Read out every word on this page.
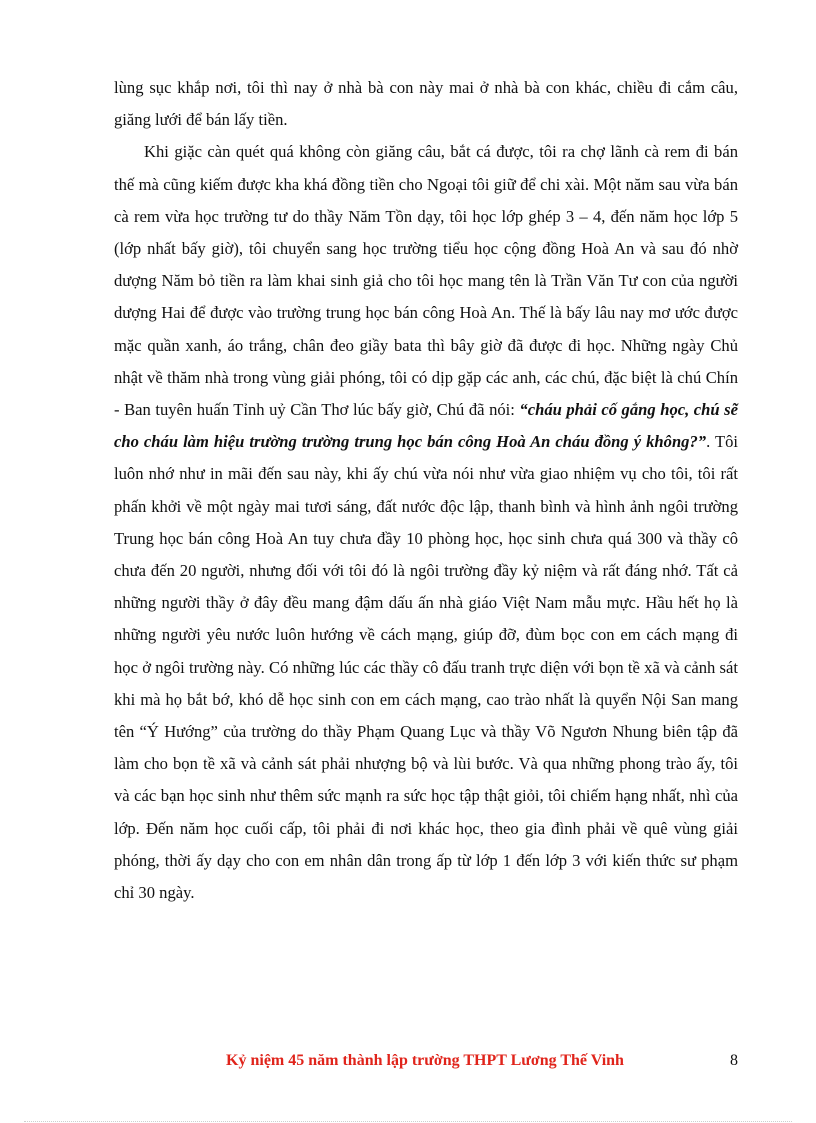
lùng sục khắp nơi, tôi thì nay ở nhà bà con này mai ở nhà bà con khác, chiều đi cắm câu, giăng lưới để bán lấy tiền.

Khi giặc càn quét quá không còn giăng câu, bắt cá được, tôi ra chợ lãnh cà rem đi bán thế mà cũng kiếm được kha khá đồng tiền cho Ngoại tôi giữ để chi xài. Một năm sau vừa bán cà rem vừa học trường tư do thầy Năm Tồn dạy, tôi học lớp ghép 3 – 4, đến năm học lớp 5 (lớp nhất bấy giờ), tôi chuyển sang học trường tiểu học cộng đồng Hoà An và sau đó nhờ dượng Năm bỏ tiền ra làm khai sinh giả cho tôi học mang tên là Trần Văn Tư con của người dượng Hai để được vào trường trung học bán công Hoà An. Thế là bấy lâu nay mơ ước được mặc quần xanh, áo trắng, chân đeo giầy bata thì bây giờ đã được đi học. Những ngày Chủ nhật về thăm nhà trong vùng giải phóng, tôi có dịp gặp các anh, các chú, đặc biệt là chú Chín - Ban tuyên huấn Tỉnh uỷ Cần Thơ lúc bấy giờ, Chú đã nói: “cháu phải cố gắng học, chú sẽ cho cháu làm hiệu trường trường trung học bán công Hoà An cháu đồng ý không?”. Tôi luôn nhớ như in mãi đến sau này, khi ấy chú vừa nói như vừa giao nhiệm vụ cho tôi, tôi rất phấn khởi về một ngày mai tươi sáng, đất nước độc lập, thanh bình và hình ảnh ngôi trường Trung học bán công Hoà An tuy chưa đầy 10 phòng học, học sinh chưa quá 300 và thầy cô chưa đến 20 người, nhưng đối với tôi đó là ngôi trường đầy kỷ niệm và rất đáng nhớ. Tất cả những người thầy ở đây đều mang đậm dấu ấn nhà giáo Việt Nam mẫu mực. Hầu hết họ là những người yêu nước luôn hướng về cách mạng, giúp đỡ, đùm bọc con em cách mạng đi học ở ngôi trường này. Có những lúc các thầy cô đấu tranh trực diện với bọn tề xã và cảnh sát khi mà họ bắt bớ, khó dễ học sinh con em cách mạng, cao trào nhất là quyển Nội San mang tên “Ý Hướng” của trường do thầy Phạm Quang Lục và thầy Võ Ngươn Nhung biên tập đã làm cho bọn tề xã và cảnh sát phải nhượng bộ và lùi bước. Và qua những phong trào ấy, tôi và các bạn học sinh như thêm sức mạnh ra sức học tập thật giỏi, tôi chiếm hạng nhất, nhì của lớp. Đến năm học cuối cấp, tôi phải đi nơi khác học, theo gia đình phải về quê vùng giải phóng, thời ấy dạy cho con em nhân dân trong ấp từ lớp 1 đến lớp 3 với kiến thức sư phạm chỉ 30 ngày.

Kỷ niệm 45 năm thành lập trường THPT Lương Thế Vinh	8
